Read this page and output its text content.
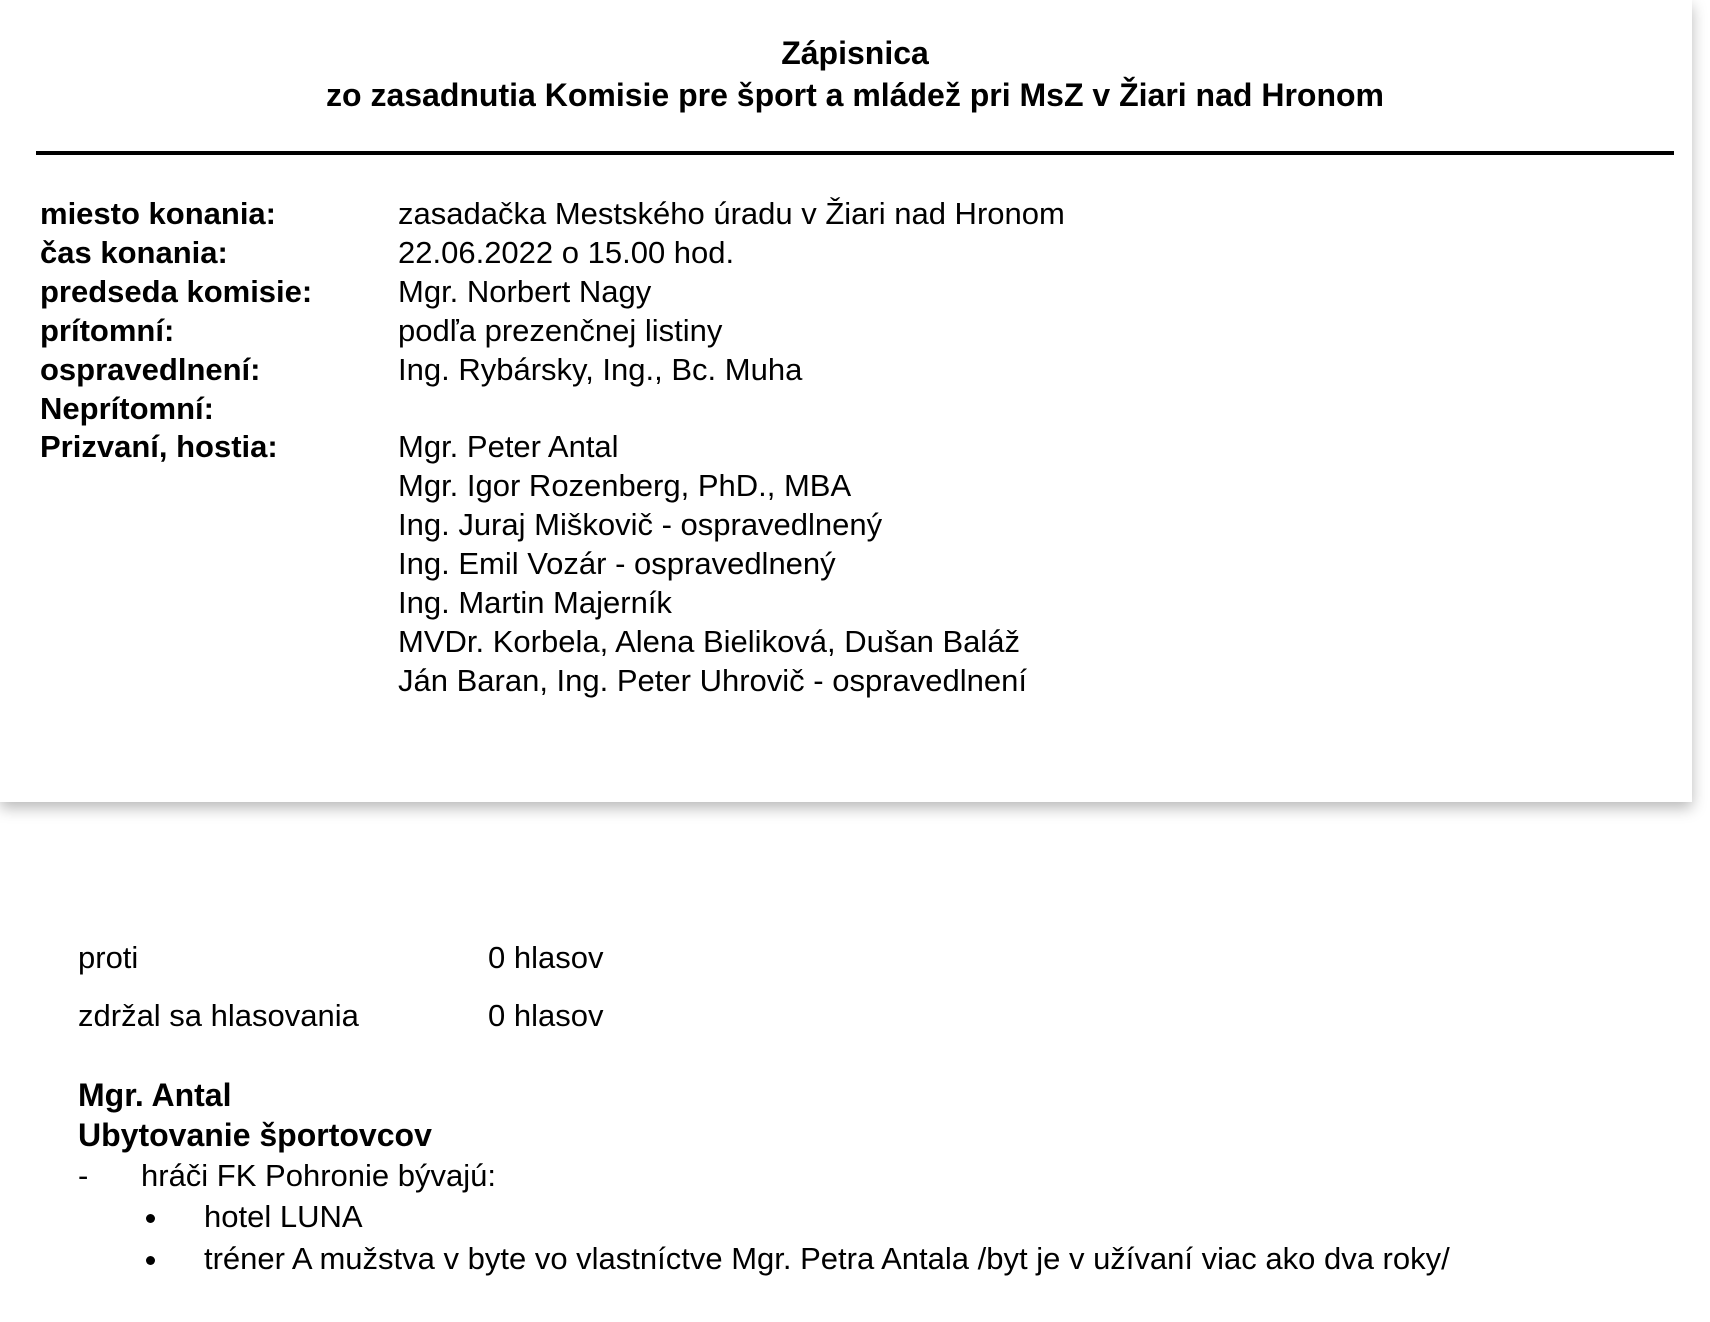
Zápisnica
zo zasadnutia Komisie pre šport a mládež pri MsZ v Žiari nad Hronom
miesto konania:	zasadačka Mestského úradu v Žiari nad Hronom
čas konania:	22.06.2022 o 15.00 hod.
predseda komisie:	Mgr. Norbert Nagy
prítomní:	podľa prezenčnej listiny
ospravedlnení:	Ing. Rybársky, Ing., Bc. Muha
Neprítomní:
Prizvaní, hostia:	Mgr. Peter Antal
Mgr. Igor Rozenberg, PhD., MBA
Ing. Juraj Miškovič - ospravedlnený
Ing. Emil Vozár - ospravedlnený
Ing. Martin Majerník
MVDr. Korbela, Alena Bieliková, Dušan Baláž
Ján Baran, Ing. Peter Uhrovič - ospravedlnení
proti	0 hlasov
zdržal sa hlasovania	0 hlasov
Mgr. Antal
Ubytovanie športovcov
- hráči FK Pohronie bývajú:
hotel LUNA
tréner A mužstva v byte vo vlastníctve Mgr. Petra Antala /byt je v užívaní viac ako dva roky/
